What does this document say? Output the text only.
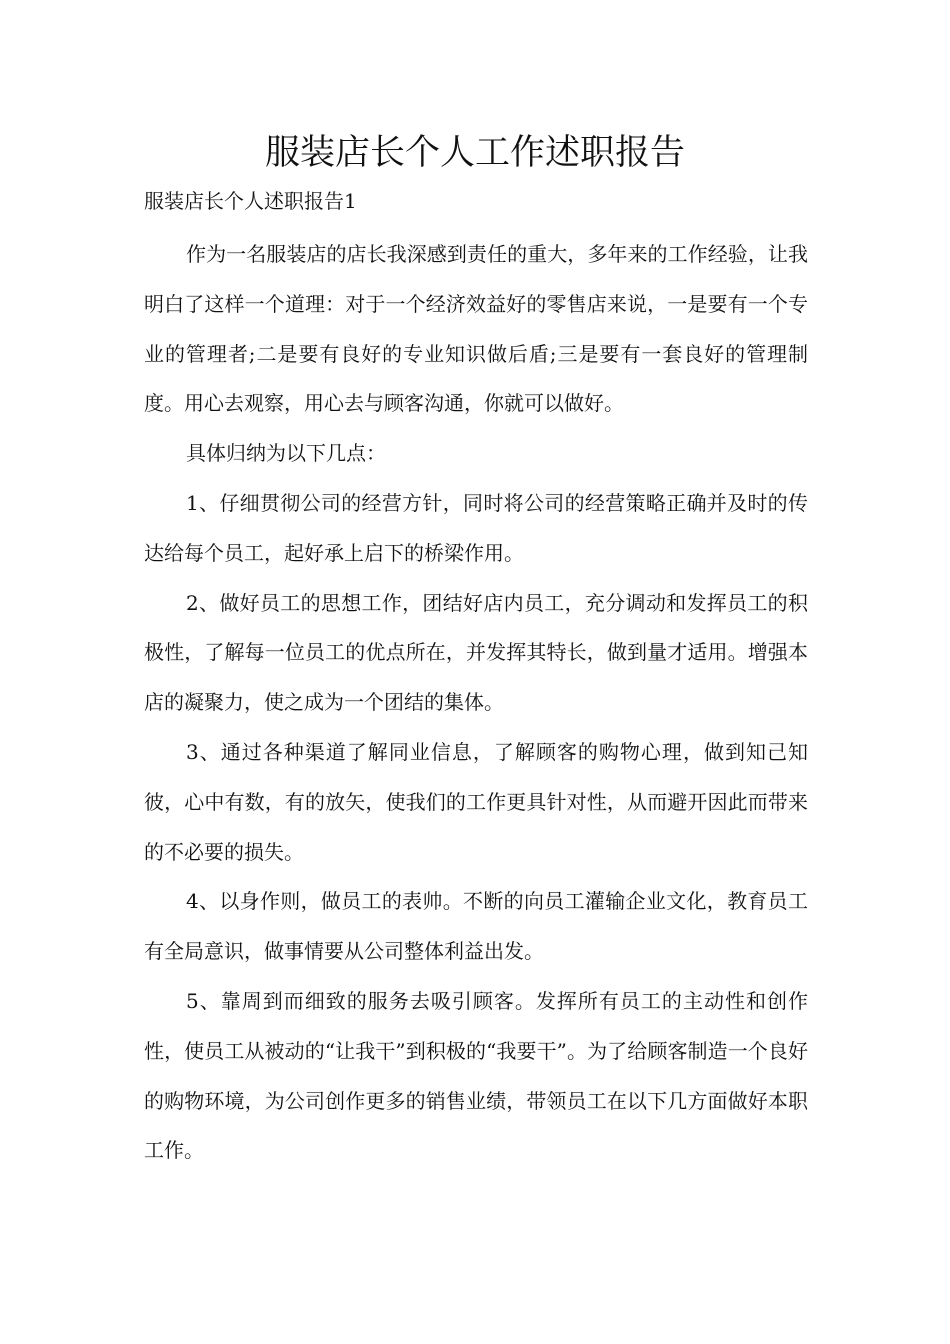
服装店长个人工作述职报告

服装店长个人述职报告1

作为一名服装店的店长我深感到责任的重大，多年来的工作经验，让我明白了这样一个道理：对于一个经济效益好的零售店来说，一是要有一个专业的管理者;二是要有良好的专业知识做后盾;三是要有一套良好的管理制度。用心去观察，用心去与顾客沟通，你就可以做好。

具体归纳为以下几点：

1、仔细贯彻公司的经营方针，同时将公司的经营策略正确并及时的传达给每个员工，起好承上启下的桥梁作用。

2、做好员工的思想工作，团结好店内员工，充分调动和发挥员工的积极性，了解每一位员工的优点所在，并发挥其特长，做到量才适用。增强本店的凝聚力，使之成为一个团结的集体。

3、通过各种渠道了解同业信息，了解顾客的购物心理，做到知己知彼，心中有数，有的放矢，使我们的工作更具针对性，从而避开因此而带来的不必要的损失。

4、以身作则，做员工的表帅。不断的向员工灌输企业文化，教育员工有全局意识，做事情要从公司整体利益出发。

5、靠周到而细致的服务去吸引顾客。发挥所有员工的主动性和创作性，使员工从被动的“让我干”到积极的“我要干”。为了给顾客制造一个良好的购物环境，为公司创作更多的销售业绩，带领员工在以下几方面做好本职工作。
